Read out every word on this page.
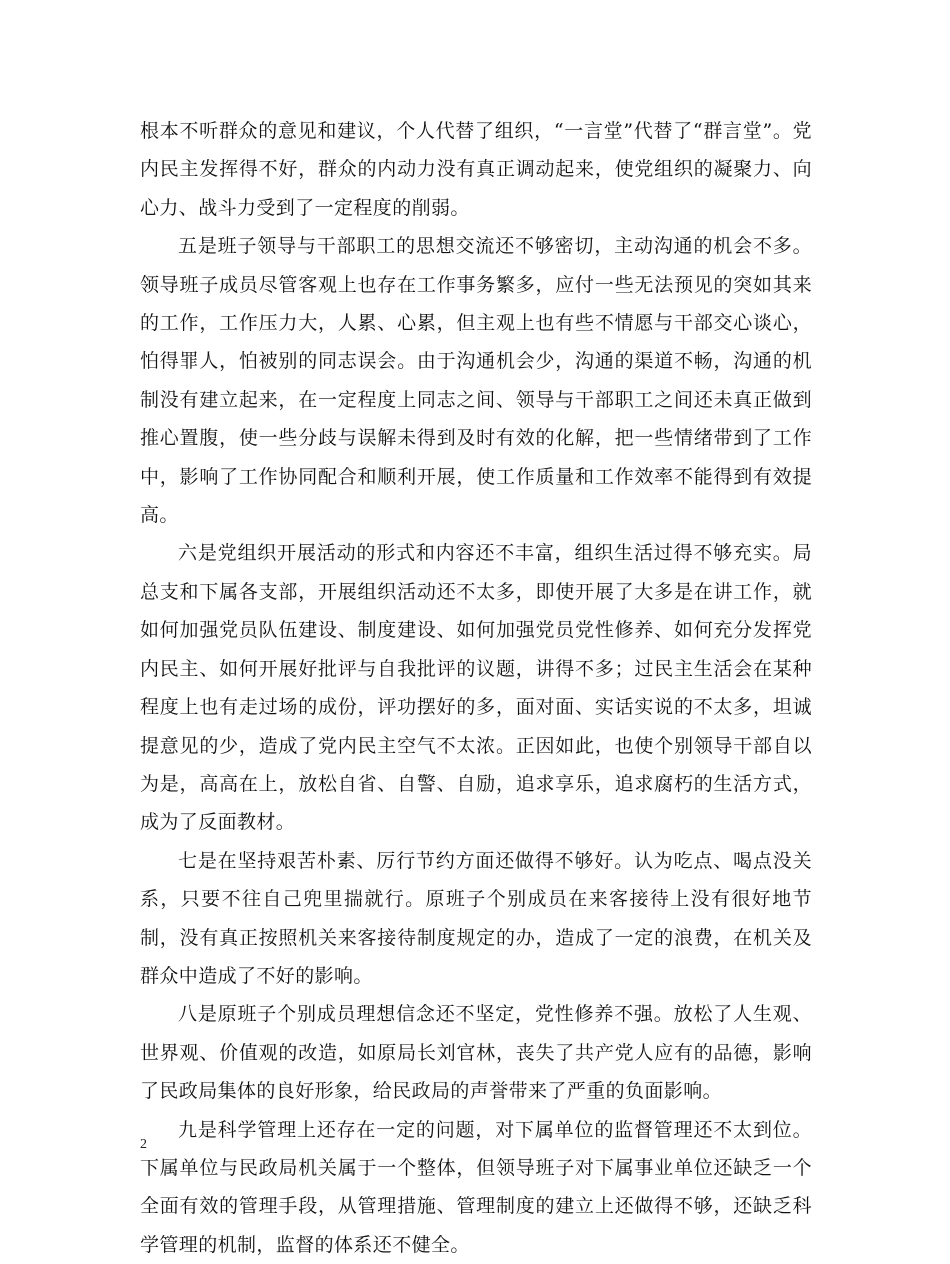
根本不听群众的意见和建议，个人代替了组织，“一言堂”代替了“群言堂”。党内民主发挥得不好，群众的内动力没有真正调动起来，使党组织的凝聚力、向心力、战斗力受到了一定程度的削弱。

五是班子领导与干部职工的思想交流还不够密切，主动沟通的机会不多。领导班子成员尽管客观上也存在工作事务繁多，应付一些无法预见的突如其来的工作，工作压力大，人累、心累，但主观上也有些不情愿与干部交心谈心，怕得罪人，怕被别的同志误会。由于沟通机会少，沟通的渠道不畅，沟通的机制没有建立起来，在一定程度上同志之间、领导与干部职工之间还未真正做到推心置腹，使一些分歧与误解未得到及时有效的化解，把一些情绪带到了工作中，影响了工作协同配合和顺利开展，使工作质量和工作效率不能得到有效提高。

六是党组织开展活动的形式和内容还不丰富，组织生活过得不够充实。局总支和下属各支部，开展组织活动还不太多，即使开展了大多是在讲工作，就如何加强党员队伍建设、制度建设、如何加强党员党性修养、如何充分发挥党内民主、如何开展好批评与自我批评的议题，讲得不多；过民主生活会在某种程度上也有走过场的成份，评功摆好的多，面对面、实话实说的不太多，坦诚提意见的少，造成了党内民主空气不太浓。正因如此，也使个别领导干部自以为是，高高在上，放松自省、自警、自励，追求享乐，追求腐朽的生活方式，成为了反面教材。

七是在坚持艰苦朴素、厉行节约方面还做得不够好。认为吃点、喝点没关系，只要不往自己兜里揣就行。原班子个别成员在来客接待上没有很好地节制，没有真正按照机关来客接待制度规定的办，造成了一定的浪费，在机关及群众中造成了不好的影响。

八是原班子个别成员理想信念还不坚定，党性修养不强。放松了人生观、世界观、价值观的改造，如原局长刘官林，丧失了共产党人应有的品德，影响了民政局集体的良好形象，给民政局的声誉带来了严重的负面影响。

九是科学管理上还存在一定的问题，对下属单位的监督管理还不太到位。下属单位与民政局机关属于一个整体，但领导班子对下属事业单位还缺乏一个全面有效的管理手段，从管理措施、管理制度的建立上还做得不够，还缺乏科学管理的机制，监督的体系还不健全。

2
